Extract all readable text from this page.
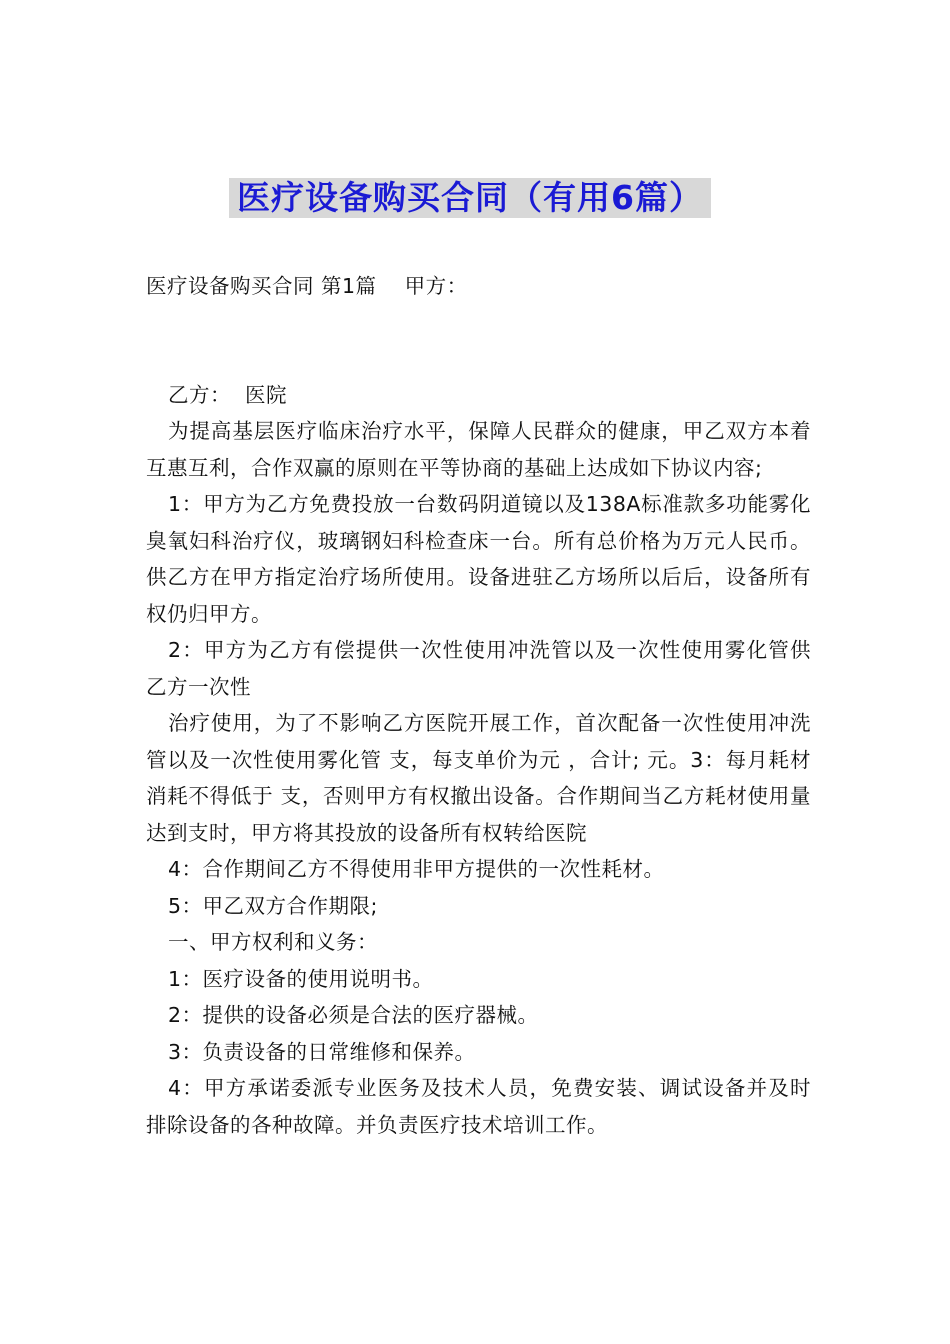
医疗设备购买合同（有用6篇）

医疗设备购买合同 第1篇    甲方：

乙方：  医院

为提高基层医疗临床治疗水平，保障人民群众的健康，甲乙双方本着互惠互利，合作双赢的原则在平等协商的基础上达成如下协议内容;

1：甲方为乙方免费投放一台数码阴道镜以及138A标准款多功能雾化臭氧妇科治疗仪，玻璃钢妇科检查床一台。所有总价格为万元人民币。供乙方在甲方指定治疗场所使用。设备进驻乙方场所以后后，设备所有权仍归甲方。

2：甲方为乙方有偿提供一次性使用冲洗管以及一次性使用雾化管供乙方一次性

治疗使用，为了不影响乙方医院开展工作，首次配备一次性使用冲洗管以及一次性使用雾化管 支，每支单价为元 ，合计; 元。3：每月耗材消耗不得低于 支，否则甲方有权撤出设备。合作期间当乙方耗材使用量达到支时，甲方将其投放的设备所有权转给医院

4：合作期间乙方不得使用非甲方提供的一次性耗材。

5：甲乙双方合作期限;

一、甲方权利和义务：

1：医疗设备的使用说明书。

2：提供的设备必须是合法的医疗器械。

3：负责设备的日常维修和保养。

4：甲方承诺委派专业医务及技术人员，免费安装、调试设备并及时排除设备的各种故障。并负责医疗技术培训工作。
